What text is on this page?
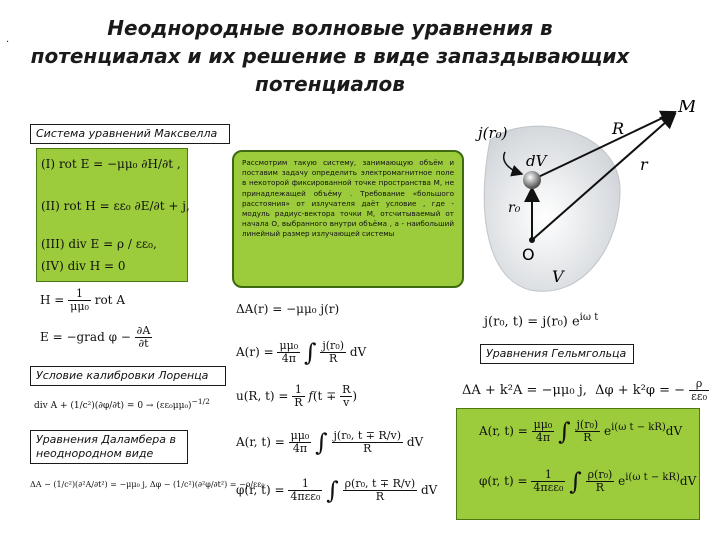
Неоднородные волновые уравнения в потенциалах и их решение в виде запаздывающих потенциалов
.
Система уравнений Максвелла
(I) rot E = −μμ₀ ∂H/∂t ,
(II) rot H = εε₀ ∂E/∂t + j,
(III) div E = ρ / εε₀,
(IV) div H = 0
$H = \frac{1}{\text{μμ₀}}$ rot A
E = −grad $\varphi - \frac{\partial A}{\partial t}$
Условие калибровки Лоренца
div $A + (1/c^2)(\partial\varphi/\partial t) = 0 \to (\varepsilon\varepsilon_0\mu\mu_0)^{-1/2}$
Уравнения Даламбера в неоднородном виде
ΔA − (1/c²)(∂²A/∂t²) = −μμ₀ j, Δφ − (1/c²)(∂²φ/∂t²) = −ρ/εε₀
Рассмотрим такую систему, занимающую объём и поставим задачу определить электромагнитное поле в некоторой фиксированной точке пространства М, не принадлежащей объёму . Требование «большого расстояния» от излучателя даёт условие , где - модуль радиус-вектора точки М, отсчитываемый от начала О, выбранного внутри объёма , а - наибольший линейный размер излучающей системы
M
R
r
O
V
dV
j(r₀)
r₀
ΔA(r) = −μμ₀ j(r)
$A(r) = \frac{\text{μμ₀}}{4\pi}$ ∫ $\frac{\text{j(r₀)}}{R}$ dV
u(R, $t) = \frac{1}{R} f(t \mp \frac{R}{v}$ )
A(r, $t) = \frac{\text{μμ₀}}{4\pi}$ ∫ $\frac{\text{j(r₀, t ∓ R/v)}}{R}$ dV
φ(r, $t) = \frac{1}{\text{4πεε₀}}$ ∫ $\frac{\text{ρ(r₀, t ∓ R/v)}}{R}$ dV
j(r₀, t) = j(r₀) $e^{i\omega t}$
Уравнения Гельмгольца
ΔA + k²A = −μμ₀ j, Δφ + k²φ = − $\frac{\rho}{\text{εε₀}}$
A(r, $t) = \frac{\text{μμ₀}}{4\pi}$ ∫ $\frac{\text{j(r₀)}}{R} e^{i(\omega t - kR)}dV$
φ(r, $t) = \frac{1}{\text{4πεε₀}}$ ∫ $\frac{\text{ρ(r₀)}}{R} e^{i(\omega t - kR)}dV$
